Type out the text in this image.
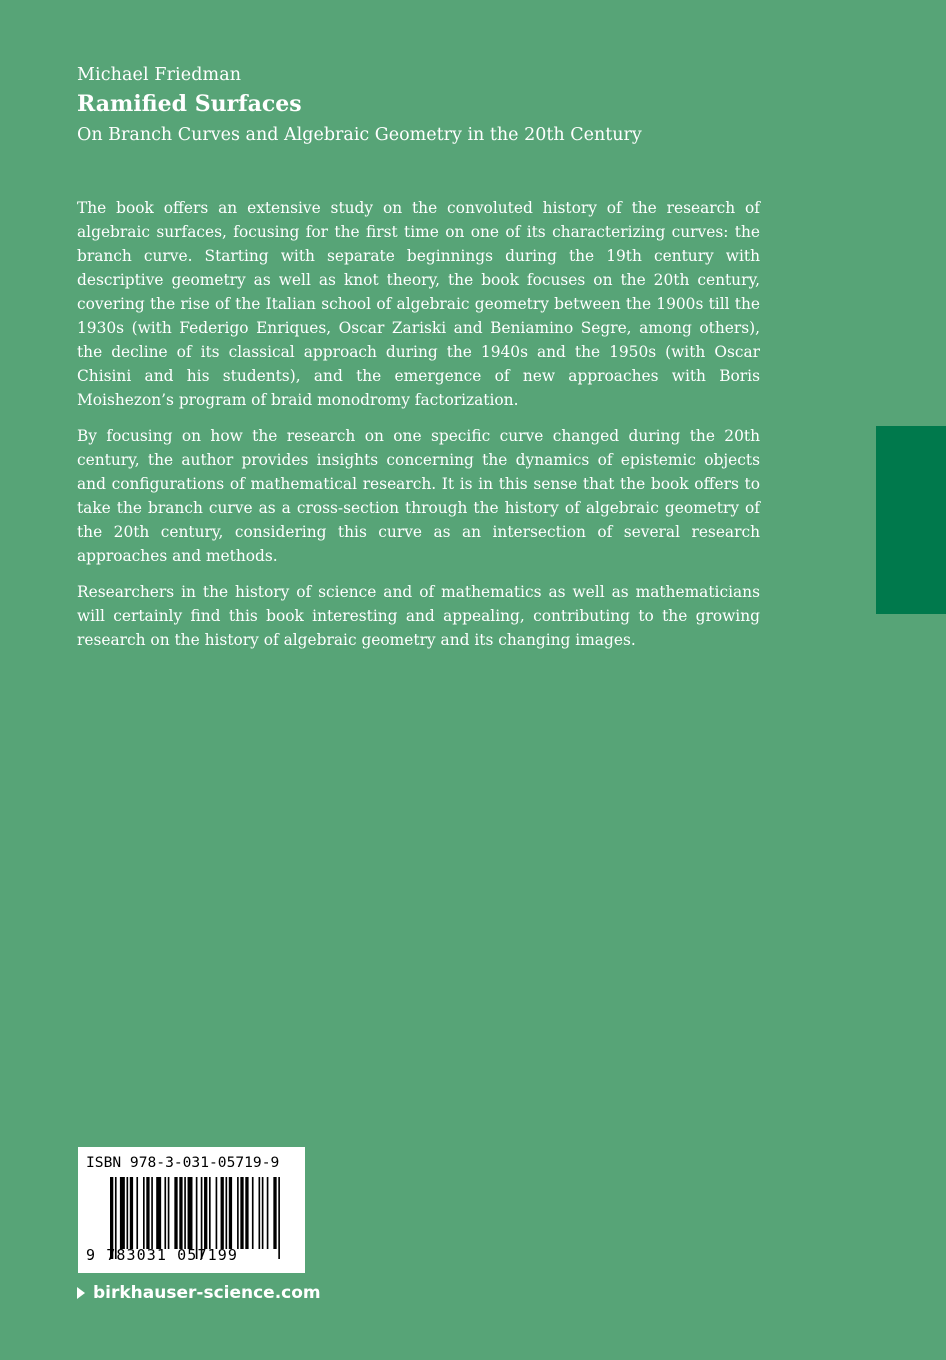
Michael Friedman

Ramified Surfaces

On Branch Curves and Algebraic Geometry in the 20th Century

The book offers an extensive study on the convoluted history of the research of algebraic surfaces, focusing for the first time on one of its characterizing curves: the branch curve. Starting with separate beginnings during the 19th century with descriptive geometry as well as knot theory, the book focuses on the 20th century, covering the rise of the Italian school of algebraic geometry between the 1900s till the 1930s (with Federigo Enriques, Oscar Zariski and Beniamino Segre, among others), the decline of its classical approach during the 1940s and the 1950s (with Oscar Chisini and his students), and the emergence of new approaches with Boris Moishezon’s program of braid monodromy factorization.

By focusing on how the research on one specific curve changed during the 20th century, the author provides insights concerning the dynamics of epistemic objects and configurations of mathematical research. It is in this sense that the book offers to take the branch curve as a cross-section through the history of algebraic geometry of the 20th century, considering this curve as an intersection of several research approaches and methods.

Researchers in the history of science and of mathematics as well as mathematicians will certainly find this book interesting and appealing, contributing to the growing research on the history of algebraic geometry and its changing images.

ISBN 978-3-031-05719-9
9 783031 057199
birkhauser-science.com
